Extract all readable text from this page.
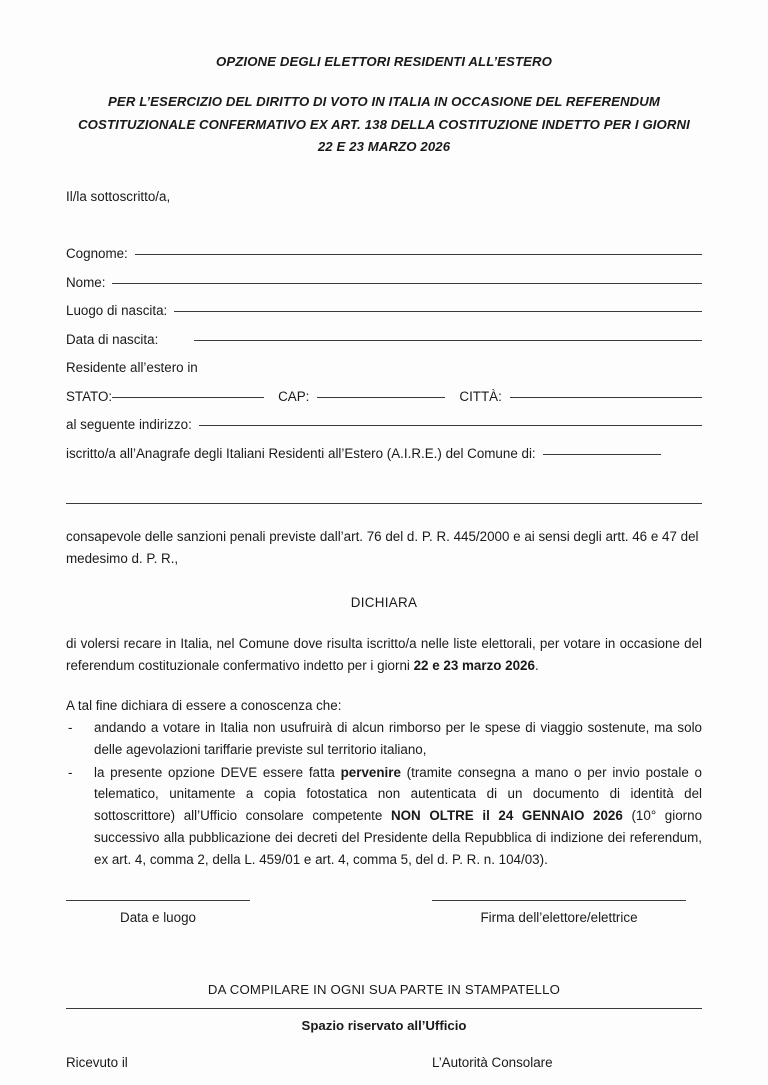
OPZIONE DEGLI ELETTORI RESIDENTI ALL’ESTERO
PER L’ESERCIZIO DEL DIRITTO DI VOTO IN ITALIA IN OCCASIONE DEL REFERENDUM COSTITUZIONALE CONFERMATIVO EX ART. 138 DELLA COSTITUZIONE INDETTO PER I GIORNI 22 E 23 MARZO 2026
Il/la sottoscritto/a,
Cognome:
Nome:
Luogo di nascita:
Data di nascita:
Residente all’estero in
STATO:	CAP:	CITTÀ:
al seguente indirizzo:
iscritto/a all’Anagrafe degli Italiani Residenti all’Estero (A.I.R.E.) del Comune di:

consapevole delle sanzioni penali previste dall’art. 76 del d. P. R. 445/2000 e ai sensi degli artt. 46 e 47 del medesimo d. P. R.,

DICHIARA

di volersi recare in Italia, nel Comune dove risulta iscritto/a nelle liste elettorali, per votare in occasione del referendum costituzionale confermativo indetto per i giorni 22 e 23 marzo 2026.

A tal fine dichiara di essere a conoscenza che:

-	andando a votare in Italia non usufruirà di alcun rimborso per le spese di viaggio sostenute, ma solo delle agevolazioni tariffarie previste sul territorio italiano,
-	la presente opzione DEVE essere fatta pervenire (tramite consegna a mano o per invio postale o telematico, unitamente a copia fotostatica non autenticata di un documento di identità del sottoscrittore) all’Ufficio consolare competente NON OLTRE il 24 GENNAIO 2026 (10° giorno successivo alla pubblicazione dei decreti del Presidente della Repubblica di indizione dei referendum, ex art. 4, comma 2, della L. 459/01 e art. 4, comma 5, del d. P. R. n. 104/03).
Data e luogo	Firma dell’elettore/elettrice
DA COMPILARE IN OGNI SUA PARTE IN STAMPATELLO
Spazio riservato all’Ufficio
Ricevuto il	L’Autorità Consolare
